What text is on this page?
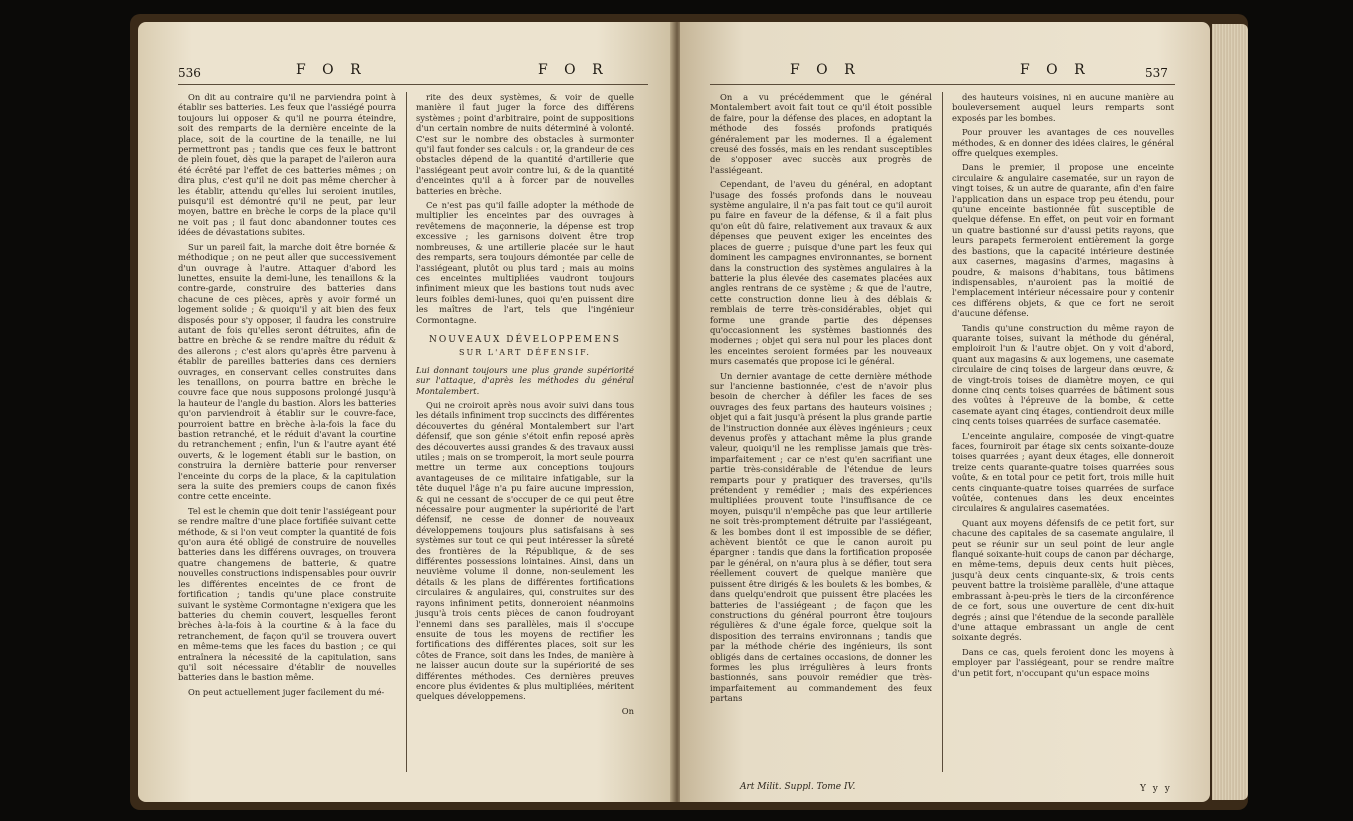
536	F O R	F O R

On dit au contraire qu'il ne parviendra point à établir ses batteries. Les feux que l'assiégé pourra toujours lui opposer & qu'il ne pourra éteindre, soit des remparts de la dernière enceinte de la place, soit de la courtine de la tenaille, ne lui permettront pas ; tandis que ces feux le battront de plein fouet, dès que la parapet de l'aileron aura été écrêté par l'effet de ces batteries mêmes ; on dira plus, c'est qu'il ne doit pas même chercher à les établir, attendu qu'elles lui seroient inutiles, puisqu'il est démontré qu'il ne peut, par leur moyen, battre en brèche le corps de la place qu'il ne voit pas ; il faut donc abandonner toutes ces idées de dévastations subites.

Sur un pareil fait, la marche doit être bornée & méthodique ; on ne peut aller que successivement d'un ouvrage à l'autre. Attaquer d'abord les lunettes, ensuite la demi-lune, les tenaillons & la contre-garde, construire des batteries dans chacune de ces pièces, après y avoir formé un logement solide ; & quoiqu'il y ait bien des feux disposés pour s'y opposer, il faudra les construire autant de fois qu'elles seront détruites, afin de battre en brèche & se rendre maître du réduit & des ailerons ; c'est alors qu'après être parvenu à établir de pareilles batteries dans ces derniers ouvrages, en conservant celles construites dans les tenaillons, on pourra battre en brèche le couvre face que nous supposons prolongé jusqu'à la hauteur de l'angle du bastion. Alors les batteries qu'on parviendroit à établir sur le couvre-face, pourroient battre en brèche à-la-fois la face du bastion retranché, et le réduit d'avant la courtine du retranchement ; enfin, l'un & l'autre ayant été ouverts, & le logement établi sur le bastion, on construira la dernière batterie pour renverser l'enceinte du corps de la place, & la capitulation sera la suite des premiers coups de canon fixés contre cette enceinte.

Tel est le chemin que doit tenir l'assiégeant pour se rendre maître d'une place fortifiée suivant cette méthode, & si l'on veut compter la quantité de fois qu'on aura été obligé de construire de nouvelles batteries dans les différens ouvrages, on trouvera quatre changemens de batterie, & quatre nouvelles constructions indispensables pour ouvrir les différentes enceintes de ce front de fortification ; tandis qu'une place construite suivant le système Cormontagne n'exigera que les batteries du chemin couvert, lesquelles feront brèches à-la-fois à la courtine & à la face du retranchement, de façon qu'il se trouvera ouvert en même-tems que les faces du bastion ; ce qui entraînera la nécessité de la capitulation, sans qu'il soit nécessaire d'établir de nouvelles batteries dans le bastion même.

On peut actuellement juger facilement du mé-

rite des deux systèmes, & voir de quelle manière il faut juger la force des différens systèmes ; point d'arbitraire, point de suppositions d'un certain nombre de nuits déterminé à volonté. C'est sur le nombre des obstacles à surmonter qu'il faut fonder ses calculs : or, la grandeur de ces obstacles dépend de la quantité d'artillerie que l'assiégeant peut avoir contre lui, & de la quantité d'enceintes qu'il a à forcer par de nouvelles batteries en brèche.

Ce n'est pas qu'il faille adopter la méthode de multiplier les enceintes par des ouvrages à revêtemens de maçonnerie, la dépense est trop excessive ; les garnisons doivent être trop nombreuses, & une artillerie placée sur le haut des remparts, sera toujours démontée par celle de l'assiégeant, plutôt ou plus tard ; mais au moins ces enceintes multipliées vaudront toujours infiniment mieux que les bastions tout nuds avec leurs foibles demi-lunes, quoi qu'en puissent dire les maîtres de l'art, tels que l'ingénieur Cormontagne.

NOUVEAUX DÉVELOPPEMENS

SUR L'ART DÉFENSIF.

Lui donnant toujours une plus grande supériorité sur l'attaque, d'après les méthodes du général Montalembert.

Qui ne croiroit après nous avoir suivi dans tous les détails infiniment trop succincts des différentes découvertes du général Montalembert sur l'art défensif, que son génie s'étoit enfin reposé après des découvertes aussi grandes & des travaux aussi utiles ; mais on se tromperoit, la mort seule pourra mettre un terme aux conceptions toujours avantageuses de ce militaire infatigable, sur la tête duquel l'âge n'a pu faire aucune impression, & qui ne cessant de s'occuper de ce qui peut être nécessaire pour augmenter la supériorité de l'art défensif, ne cesse de donner de nouveaux développemens toujours plus satisfaisans à ses systèmes sur tout ce qui peut intéresser la sûreté des frontières de la République, & de ses différentes possessions lointaines. Ainsi, dans un neuvième volume il donne, non-seulement les détails & les plans de différentes fortifications circulaires & angulaires, qui, construites sur des rayons infiniment petits, donneroient néanmoins jusqu'à trois cents pièces de canon foudroyant l'ennemi dans ses parallèles, mais il s'occupe ensuite de tous les moyens de rectifier les fortifications des différentes places, soit sur les côtes de France, soit dans les Indes, de manière à ne laisser aucun doute sur la supériorité de ses différentes méthodes. Ces dernières preuves encore plus évidentes & plus multipliées, méritent quelques développemens.

On

F O R	F O R	537

On a vu précédemment que le général Montalembert avoit fait tout ce qu'il étoit possible de faire, pour la défense des places, en adoptant la méthode des fossés profonds pratiqués généralement par les modernes. Il a également creusé des fossés, mais en les rendant susceptibles de s'opposer avec succès aux progrès de l'assiégeant.

Cependant, de l'aveu du général, en adoptant l'usage des fossés profonds dans le nouveau système angulaire, il n'a pas fait tout ce qu'il auroit pu faire en faveur de la défense, & il a fait plus qu'on eût dû faire, relativement aux travaux & aux dépenses que peuvent exiger les enceintes des places de guerre ; puisque d'une part les feux qui dominent les campagnes environnantes, se bornent dans la construction des systèmes angulaires à la batterie la plus élevée des casemates placées aux angles rentrans de ce système ; & que de l'autre, cette construction donne lieu à des déblais & remblais de terre très-considérables, objet qui forme une grande partie des dépenses qu'occasionnent les systèmes bastionnés des modernes ; objet qui sera nul pour les places dont les enceintes seroient formées par les nouveaux murs casematés que propose ici le général.

Un dernier avantage de cette dernière méthode sur l'ancienne bastionnée, c'est de n'avoir plus besoin de chercher à défiler les faces de ses ouvrages des feux partans des hauteurs voisines ; objet qui a fait jusqu'à présent la plus grande partie de l'instruction donnée aux élèves ingénieurs ; ceux devenus profès y attachant même la plus grande valeur, quoiqu'il ne les remplisse jamais que très-imparfaitement ; car ce n'est qu'en sacrifiant une partie très-considérable de l'étendue de leurs remparts pour y pratiquer des traverses, qu'ils prétendent y remédier ; mais des expériences multipliées prouvent toute l'insuffisance de ce moyen, puisqu'il n'empêche pas que leur artillerie ne soit très-promptement détruite par l'assiégeant, & les bombes dont il est impossible de se défier, achèvent bientôt ce que le canon auroit pu épargner : tandis que dans la fortification proposée par le général, on n'aura plus à se défier, tout sera réellement couvert de quelque manière que puissent être dirigés & les boulets & les bombes, & dans quelqu'endroit que puissent être placées les batteries de l'assiégeant ; de façon que les constructions du général pourront être toujours régulières & d'une égale force, quelque soit la disposition des terrains environnans ; tandis que par la méthode chérie des ingénieurs, ils sont obligés dans de certaines occasions, de donner les formes les plus irrégulières à leurs fronts bastionnés, sans pouvoir remédier que très-imparfaitement au commandement des feux partans

des hauteurs voisines, ni en aucune manière au bouleversement auquel leurs remparts sont exposés par les bombes.

Pour prouver les avantages de ces nouvelles méthodes, & en donner des idées claires, le général offre quelques exemples.

Dans le premier, il propose une enceinte circulaire & angulaire casematée, sur un rayon de vingt toises, & un autre de quarante, afin d'en faire l'application dans un espace trop peu étendu, pour qu'une enceinte bastionnée fût susceptible de quelque défense. En effet, on peut voir en formant un quatre bastionné sur d'aussi petits rayons, que leurs parapets fermeroient entièrement la gorge des bastions, que la capacité intérieure destinée aux casernes, magasins d'armes, magasins à poudre, & maisons d'habitans, tous bâtimens indispensables, n'auroient pas la moitié de l'emplacement intérieur nécessaire pour y contenir ces différens objets, & que ce fort ne seroit d'aucune défense.

Tandis qu'une construction du même rayon de quarante toises, suivant la méthode du général, emploiroit l'un & l'autre objet. On y voit d'abord, quant aux magasins & aux logemens, une casemate circulaire de cinq toises de largeur dans œuvre, & de vingt-trois toises de diamètre moyen, ce qui donne cinq cents toises quarrées de bâtiment sous des voûtes à l'épreuve de la bombe, & cette casemate ayant cinq étages, contiendroit deux mille cinq cents toises quarrées de surface casematée.

L'enceinte angulaire, composée de vingt-quatre faces, fourniroit par étage six cents soixante-douze toises quarrées ; ayant deux étages, elle donneroit treize cents quarante-quatre toises quarrées sous voûte, & en total pour ce petit fort, trois mille huit cents cinquante-quatre toises quarrées de surface voûtée, contenues dans les deux enceintes circulaires & angulaires casematées.

Quant aux moyens défensifs de ce petit fort, sur chacune des capitales de sa casemate angulaire, il peut se réunir sur un seul point de leur angle flanqué soixante-huit coups de canon par décharge, en même-tems, depuis deux cents huit pièces, jusqu'à deux cents cinquante-six, & trois cents peuvent battre la troisième parallèle, d'une attaque embrassant à-peu-près le tiers de la circonférence de ce fort, sous une ouverture de cent dix-huit degrés ; ainsi que l'étendue de la seconde parallèle d'une attaque embrassant un angle de cent soixante degrés.

Dans ce cas, quels feroient donc les moyens à employer par l'assiégeant, pour se rendre maître d'un petit fort, n'occupant qu'un espace moins

Art Milit. Suppl. Tome IV.	Y y y
